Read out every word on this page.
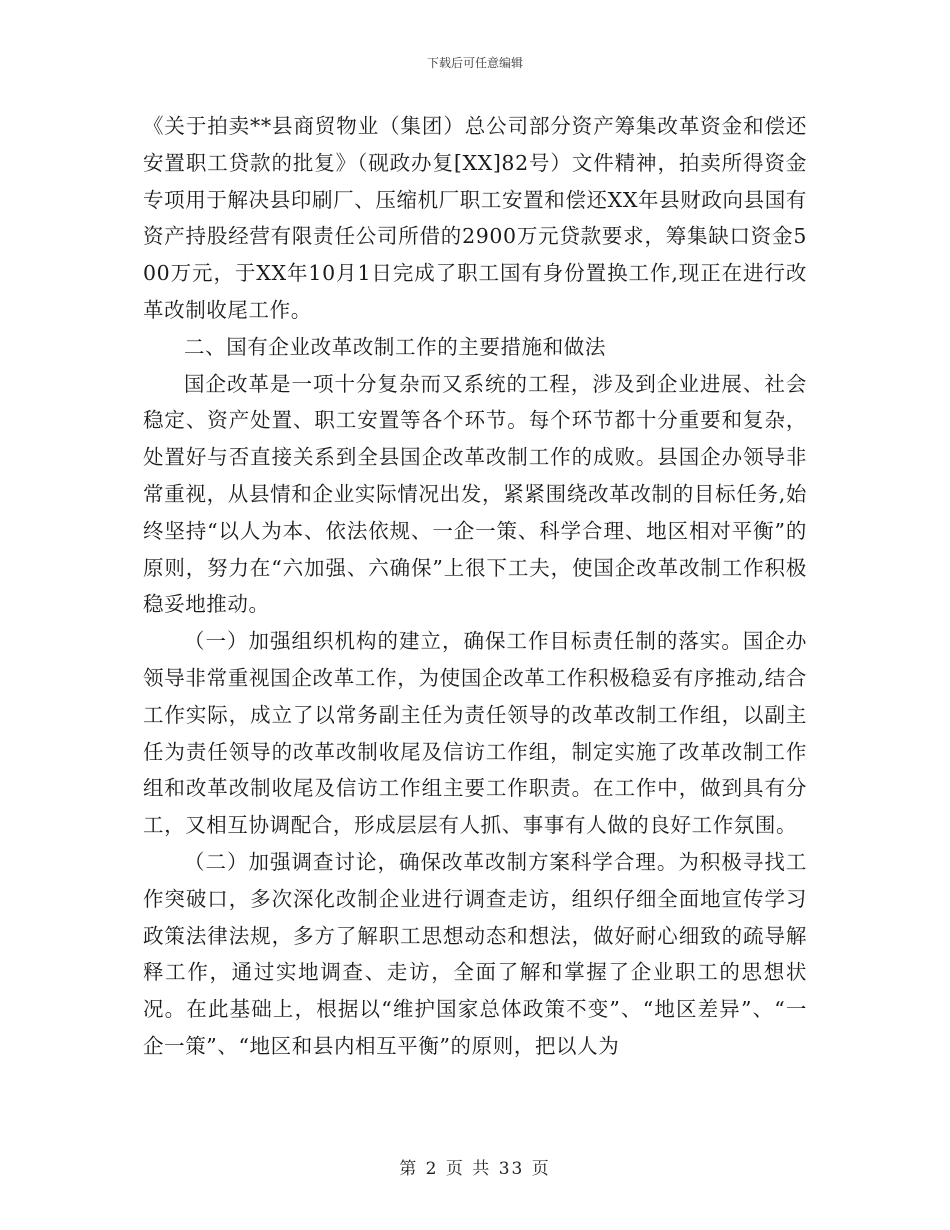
下载后可任意编辑

《关于拍卖**县商贸物业（集团）总公司部分资产筹集改革资金和偿还安置职工贷款的批复》（砚政办复[XX]82号）文件精神，拍卖所得资金专项用于解决县印刷厂、压缩机厂职工安置和偿还XX年县财政向县国有资产持股经营有限责任公司所借的2900万元贷款要求，筹集缺口资金500万元，于XX年10月1日完成了职工国有身份置换工作,现正在进行改革改制收尾工作。

二、国有企业改革改制工作的主要措施和做法

国企改革是一项十分复杂而又系统的工程，涉及到企业进展、社会稳定、资产处置、职工安置等各个环节。每个环节都十分重要和复杂，处置好与否直接关系到全县国企改革改制工作的成败。县国企办领导非常重视，从县情和企业实际情况出发，紧紧围绕改革改制的目标任务,始终坚持“以人为本、依法依规、一企一策、科学合理、地区相对平衡”的原则，努力在“六加强、六确保”上很下工夫，使国企改革改制工作积极稳妥地推动。

（一）加强组织机构的建立，确保工作目标责任制的落实。国企办领导非常重视国企改革工作，为使国企改革工作积极稳妥有序推动,结合工作实际，成立了以常务副主任为责任领导的改革改制工作组，以副主任为责任领导的改革改制收尾及信访工作组，制定实施了改革改制工作组和改革改制收尾及信访工作组主要工作职责。在工作中，做到具有分工，又相互协调配合，形成层层有人抓、事事有人做的良好工作氛围。

（二）加强调查讨论，确保改革改制方案科学合理。为积极寻找工作突破口，多次深化改制企业进行调查走访，组织仔细全面地宣传学习政策法律法规，多方了解职工思想动态和想法，做好耐心细致的疏导解释工作，通过实地调查、走访，全面了解和掌握了企业职工的思想状况。在此基础上，根据以“维护国家总体政策不变”、“地区差异”、“一企一策”、“地区和县内相互平衡”的原则，把以人为

第 2 页 共 33 页
